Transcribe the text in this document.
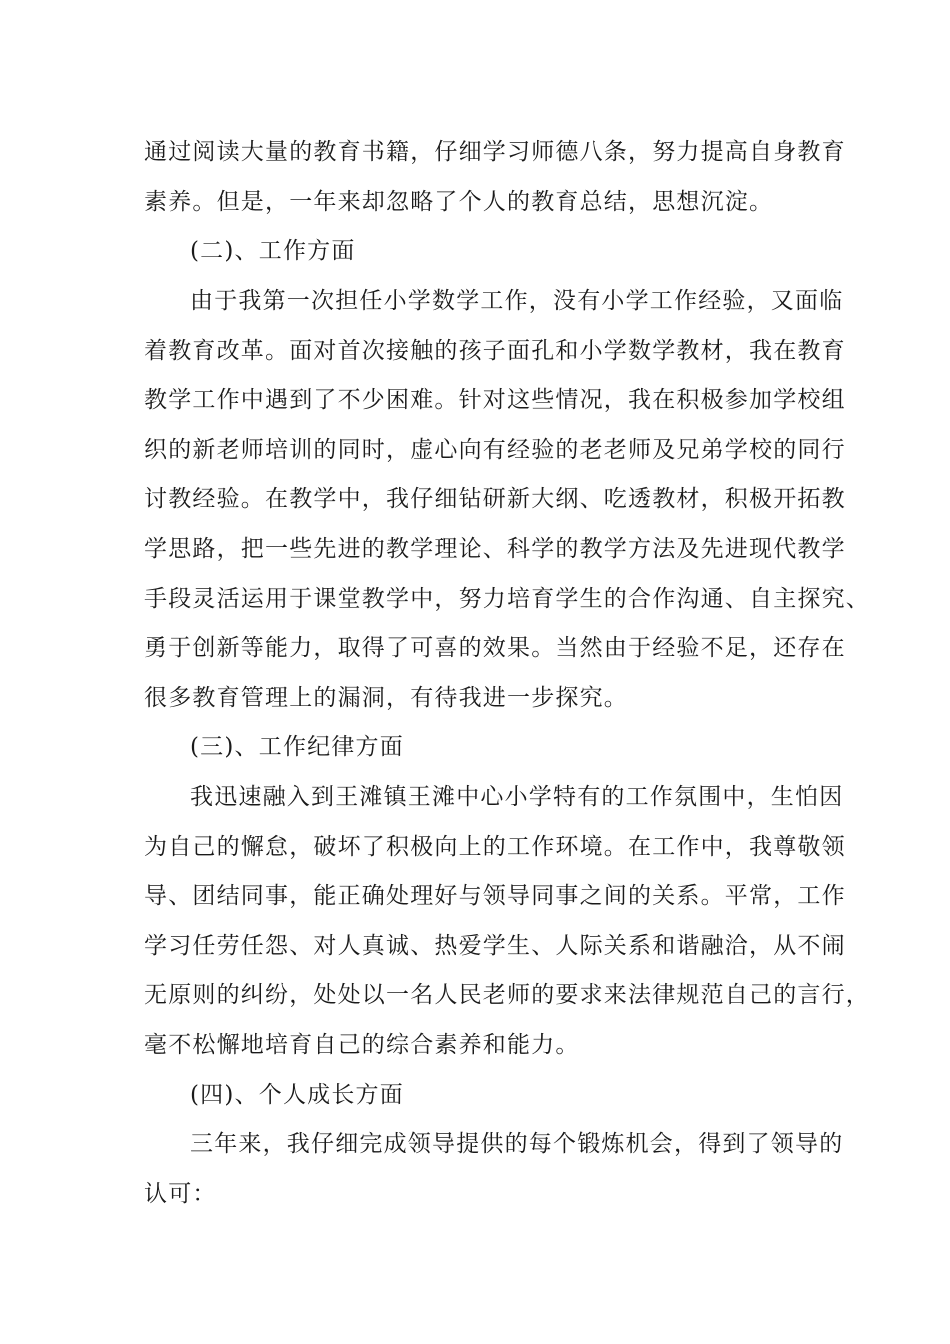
通过阅读大量的教育书籍，仔细学习师德八条，努力提高自身教育
素养。但是，一年来却忽略了个人的教育总结，思想沉淀。
(二)、工作方面
由于我第一次担任小学数学工作，没有小学工作经验，又面临
着教育改革。面对首次接触的孩子面孔和小学数学教材，我在教育
教学工作中遇到了不少困难。针对这些情况，我在积极参加学校组
织的新老师培训的同时，虚心向有经验的老老师及兄弟学校的同行
讨教经验。在教学中，我仔细钻研新大纲、吃透教材，积极开拓教
学思路，把一些先进的教学理论、科学的教学方法及先进现代教学
手段灵活运用于课堂教学中，努力培育学生的合作沟通、自主探究、
勇于创新等能力，取得了可喜的效果。当然由于经验不足，还存在
很多教育管理上的漏洞，有待我进一步探究。
(三)、工作纪律方面
我迅速融入到王滩镇王滩中心小学特有的工作氛围中，生怕因
为自己的懈怠，破坏了积极向上的工作环境。在工作中，我尊敬领
导、团结同事，能正确处理好与领导同事之间的关系。平常，工作
学习任劳任怨、对人真诚、热爱学生、人际关系和谐融洽，从不闹
无原则的纠纷，处处以一名人民老师的要求来法律规范自己的言行，
毫不松懈地培育自己的综合素养和能力。
(四)、个人成长方面
三年来，我仔细完成领导提供的每个锻炼机会，得到了领导的
认可：
